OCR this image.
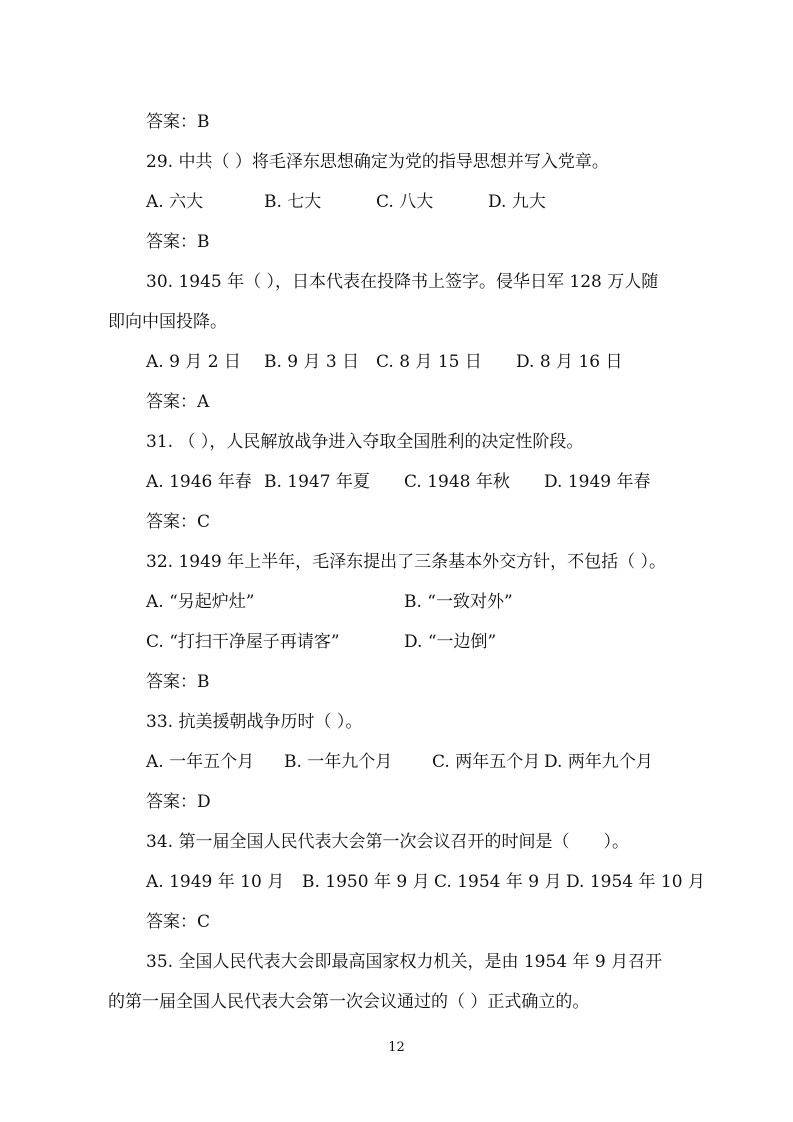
答案：B
29. 中共（ ）将毛泽东思想确定为党的指导思想并写入党章。
A. 六大	B. 七大	C. 八大	D. 九大
答案：B
30. 1945 年（ ），日本代表在投降书上签字。侵华日军 128 万人随
即向中国投降。
A. 9 月 2 日 B. 9 月 3 日 C. 8 月 15 日 D. 8 月 16 日
答案：A
31. （ ），人民解放战争进入夺取全国胜利的决定性阶段。
A. 1946 年春 B. 1947 年夏 C. 1948 年秋 D. 1949 年春
答案：C
32. 1949 年上半年，毛泽东提出了三条基本外交方针，不包括（ ）。
A. “另起炉灶”	B. “一致对外”
C. “打扫干净屋子再请客”	D. “一边倒”
答案：B
33. 抗美援朝战争历时（ ）。
A. 一年五个月 B. 一年九个月 C. 两年五个月 D. 两年九个月
答案：D
34. 第一届全国人民代表大会第一次会议召开的时间是（　　）。
A. 1949 年 10 月 B. 1950 年 9 月 C. 1954 年 9 月 D. 1954 年 10 月
答案：C
35. 全国人民代表大会即最高国家权力机关，是由 1954 年 9 月召开
的第一届全国人民代表大会第一次会议通过的（ ）正式确立的。
12
